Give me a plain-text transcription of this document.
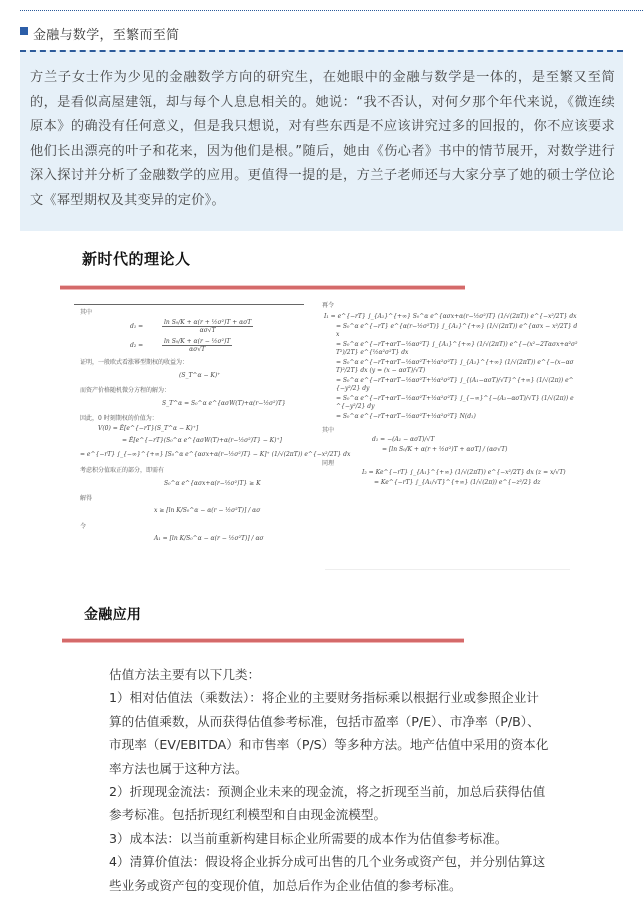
金融与数学，至繁而至简

方兰子女士作为少见的金融数学方向的研究生，在她眼中的金融与数学是一体的，是至繁又至简的，是看似高屋建瓴，却与每个人息息相关的。她说：“我不否认，对何夕那个年代来说，《微连续原本》的确没有任何意义，但是我只想说，对有些东西是不应该讲究过多的回报的，你不应该要求他们长出漂亮的叶子和花来，因为他们是根。”随后，她由《伤心者》书中的情节展开，对数学进行深入探讨并分析了金融数学的应用。更值得一提的是，方兰子老师还与大家分享了她的硕士学位论文《幂型期权及其变异的定价》。

新时代的理论人
其中
d₁ =
ln S₀/K + α(r + ½σ²)T + ασT
ασ√T
d₂ =	$\frac{\text{ln S₀/K + α(r − ½σ²)T}}{\alpha\sigma√T}$
证明，一般欧式看涨幂型期权的收益为：
(S_T^α − K)⁺
而资产价格随机微分方程的解为：
S_T^α = S₀^α e^{ασW(T)+α(r−½σ²)T}
因此，0 时刻期权的价值为：
V(0) = Ê[e^{−rT}(S_T^α − K)⁺]
= Ê[e^{−rT}(S₀^α e^{ασW(T)+α(r−½σ²)T} − K)⁺]
= e^{−rT} ∫_{−∞}^{+∞} [S₀^α e^{ασx+α(r−½σ²)T} − K]⁺ (1/√(2πT)) e^{−x²/2T} dx
考虑积分值取正的部分，即需有
S₀^α e^{ασx+α(r−½σ²)T} ≥ K
解得
x ≥ [ln K/S₀^α − α(r − ½σ²T)] / ασ
令
A₁ = [ln K/S₀^α − α(r − ½σ²T)] / ασ
再令
I₁ = e^{−rT} ∫_{A₁}^{+∞} S₀^α e^{ασx+α(r−½σ²)T} (1/√(2πT)) e^{−x²/2T} dx
= S₀^α e^{−rT} e^{α(r−½σ²T)} ∫_{A₁}^{+∞} (1/√(2πT)) e^{ασx − x²/2T} dx
= S₀^α e^{−rT+αrT−½ασ²T} ∫_{A₁}^{+∞} (1/√(2πT)) e^{−(x²−2Tασx+α²σ²T²)/2T} e^{½α²σ²T} dx
= S₀^α e^{−rT+αrT−½ασ²T+½α²σ²T} ∫_{A₁}^{+∞} (1/√(2πT)) e^{−(x−ασT)²/2T} dx (y = (x − ασT)/√T)
= S₀^α e^{−rT+αrT−½ασ²T+½α²σ²T} ∫_{(A₁−ασT)/√T}^{+∞} (1/√(2π)) e^{−y²/2} dy
= S₀^α e^{−rT+αrT−½ασ²T+½α²σ²T} ∫_{−∞}^{−(A₁−ασT)/√T} (1/√(2π)) e^{−y²/2} dy
= S₀^α e^{−rT+αrT−½ασ²T+½α²σ²T} N(d₁)
其中
d₁ = −(A₁ − ασT)/√T
= [ln S₀/K + α(r + ½σ²)T + ασT] / (ασ√T)
同理
I₂ = Ke^{−rT} ∫_{A₁}^{+∞} (1/√(2πT)) e^{−x²/2T} dx (z = x/√T)
= Ke^{−rT} ∫_{A₁/√T}^{+∞} (1/√(2π)) e^{−z²/2} dz
金融应用

估值方法主要有以下几类：

1）相对估值法（乘数法）：将企业的主要财务指标乘以根据行业或参照企业计算的估值乘数，从而获得估值参考标准，包括市盈率（P/E）、市净率（P/B）、市现率（EV/EBITDA）和市售率（P/S）等多种方法。地产估值中采用的资本化率方法也属于这种方法。

2）折现现金流法：预测企业未来的现金流，将之折现至当前，加总后获得估值参考标准。包括折现红利模型和自由现金流模型。

3）成本法：以当前重新构建目标企业所需要的成本作为估值参考标准。

4）清算价值法：假设将企业拆分成可出售的几个业务或资产包，并分别估算这些业务或资产包的变现价值，加总后作为企业估值的参考标准。
